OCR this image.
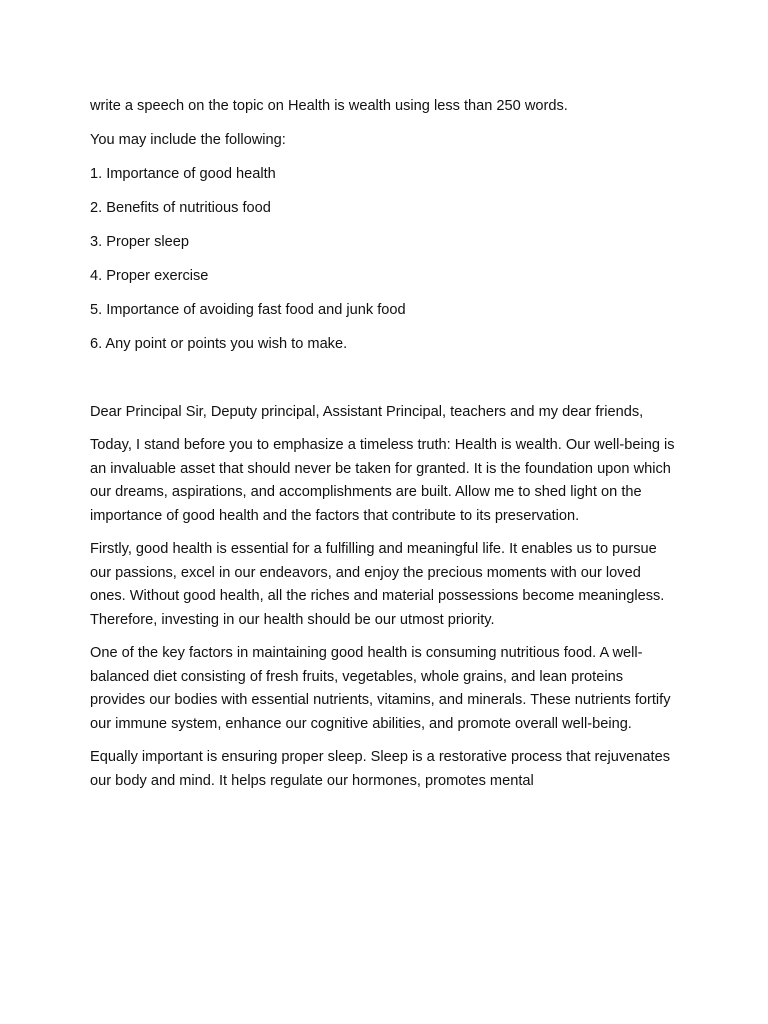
write a speech on the topic on Health is wealth using less than 250 words.

You may include the following:

1. Importance of good health

2. Benefits of nutritious food

3. Proper sleep

4. Proper exercise

5. Importance of avoiding fast food and junk food

6. Any point or points you wish to make.

Dear Principal Sir, Deputy principal, Assistant Principal, teachers and my dear friends,

Today, I stand before you to emphasize a timeless truth: Health is wealth. Our well-being is an invaluable asset that should never be taken for granted. It is the foundation upon which our dreams, aspirations, and accomplishments are built. Allow me to shed light on the importance of good health and the factors that contribute to its preservation.

Firstly, good health is essential for a fulfilling and meaningful life. It enables us to pursue our passions, excel in our endeavors, and enjoy the precious moments with our loved ones. Without good health, all the riches and material possessions become meaningless. Therefore, investing in our health should be our utmost priority.

One of the key factors in maintaining good health is consuming nutritious food. A well-balanced diet consisting of fresh fruits, vegetables, whole grains, and lean proteins provides our bodies with essential nutrients, vitamins, and minerals. These nutrients fortify our immune system, enhance our cognitive abilities, and promote overall well-being.

Equally important is ensuring proper sleep. Sleep is a restorative process that rejuvenates our body and mind. It helps regulate our hormones, promotes mental
